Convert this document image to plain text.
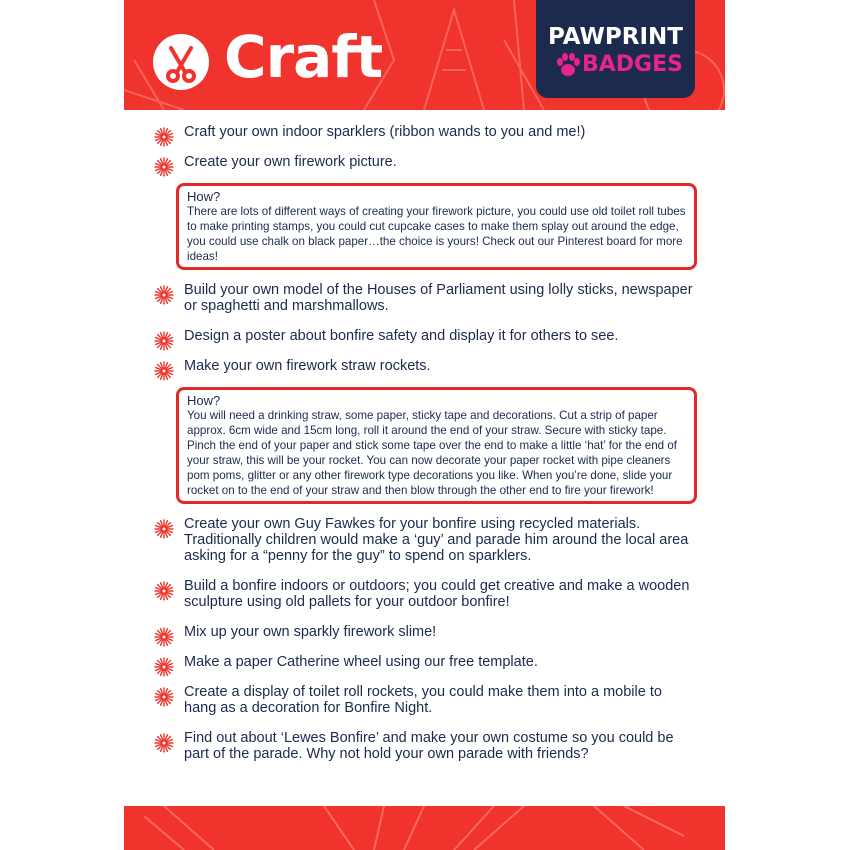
Craft	PAWPRINT
BADGES
Craft your own indoor sparklers (ribbon wands to you and me!)
Create your own firework picture.
How?
There are lots of different ways of creating your firework picture, you could use old toilet roll tubes to make printing stamps, you could cut cupcake cases to make them splay out around the edge, you could use chalk on black paper…the choice is yours! Check out our Pinterest board for more ideas!
Build your own model of the Houses of Parliament using lolly sticks, newspaper or spaghetti and marshmallows.
Design a poster about bonfire safety and display it for others to see.
Make your own firework straw rockets.
How?
You will need a drinking straw, some paper, sticky tape and decorations. Cut a strip of paper approx. 6cm wide and 15cm long, roll it around the end of your straw. Secure with sticky tape. Pinch the end of your paper and stick some tape over the end to make a little ‘hat’ for the end of your straw, this will be your rocket. You can now decorate your paper rocket with pipe cleaners pom poms, glitter or any other firework type decorations you like. When you’re done, slide your rocket on to the end of your straw and then blow through the other end to fire your firework!
Create your own Guy Fawkes for your bonfire using recycled materials. Traditionally children would make a ‘guy’ and parade him around the local area asking for a “penny for the guy” to spend on sparklers.
Build a bonfire indoors or outdoors; you could get creative and make a wooden sculpture using old pallets for your outdoor bonfire!
Mix up your own sparkly firework slime!
Make a paper Catherine wheel using our free template.
Create a display of toilet roll rockets, you could make them into a mobile to hang as a decoration for Bonfire Night.
Find out about ‘Lewes Bonfire’ and make your own costume so you could be part of the parade. Why not hold your own parade with friends?
